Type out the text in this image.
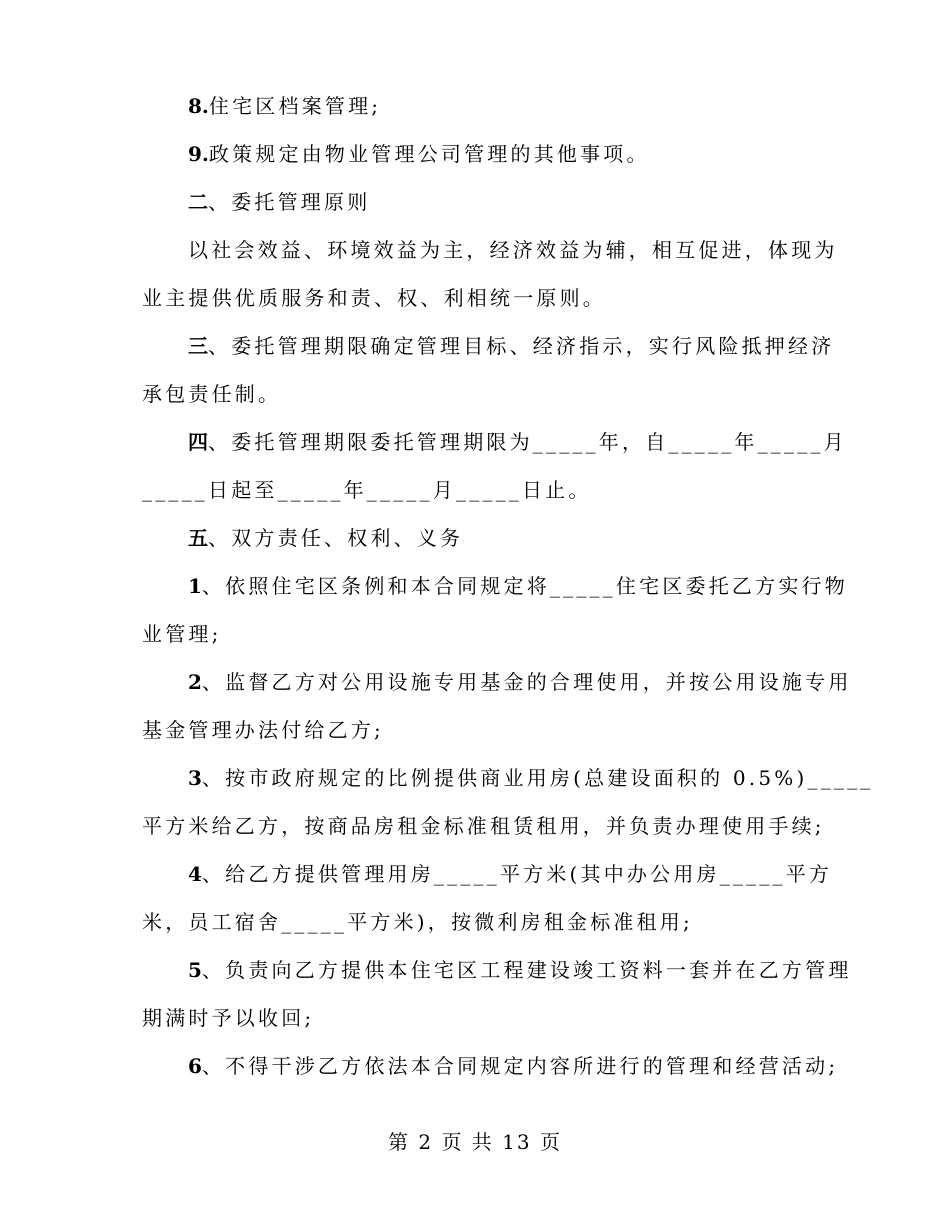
8.住宅区档案管理;
9.政策规定由物业管理公司管理的其他事项。
二、委托管理原则
以社会效益、环境效益为主，经济效益为辅，相互促进，体现为
业主提供优质服务和责、权、利相统一原则。
三、委托管理期限确定管理目标、经济指示，实行风险抵押经济
承包责任制。
四、委托管理期限委托管理期限为_____年，自_____年_____月
_____日起至_____年_____月_____日止。
五、双方责任、权利、义务
1、依照住宅区条例和本合同规定将_____住宅区委托乙方实行物
业管理;
2、监督乙方对公用设施专用基金的合理使用，并按公用设施专用
基金管理办法付给乙方;
3、按市政府规定的比例提供商业用房(总建设面积的 0.5%)_____
平方米给乙方，按商品房租金标准租赁租用，并负责办理使用手续;
4、给乙方提供管理用房_____平方米(其中办公用房_____平方
米，员工宿舍_____平方米)，按微利房租金标准租用;
5、负责向乙方提供本住宅区工程建设竣工资料一套并在乙方管理
期满时予以收回;
6、不得干涉乙方依法本合同规定内容所进行的管理和经营活动;
第 2 页 共 13 页
